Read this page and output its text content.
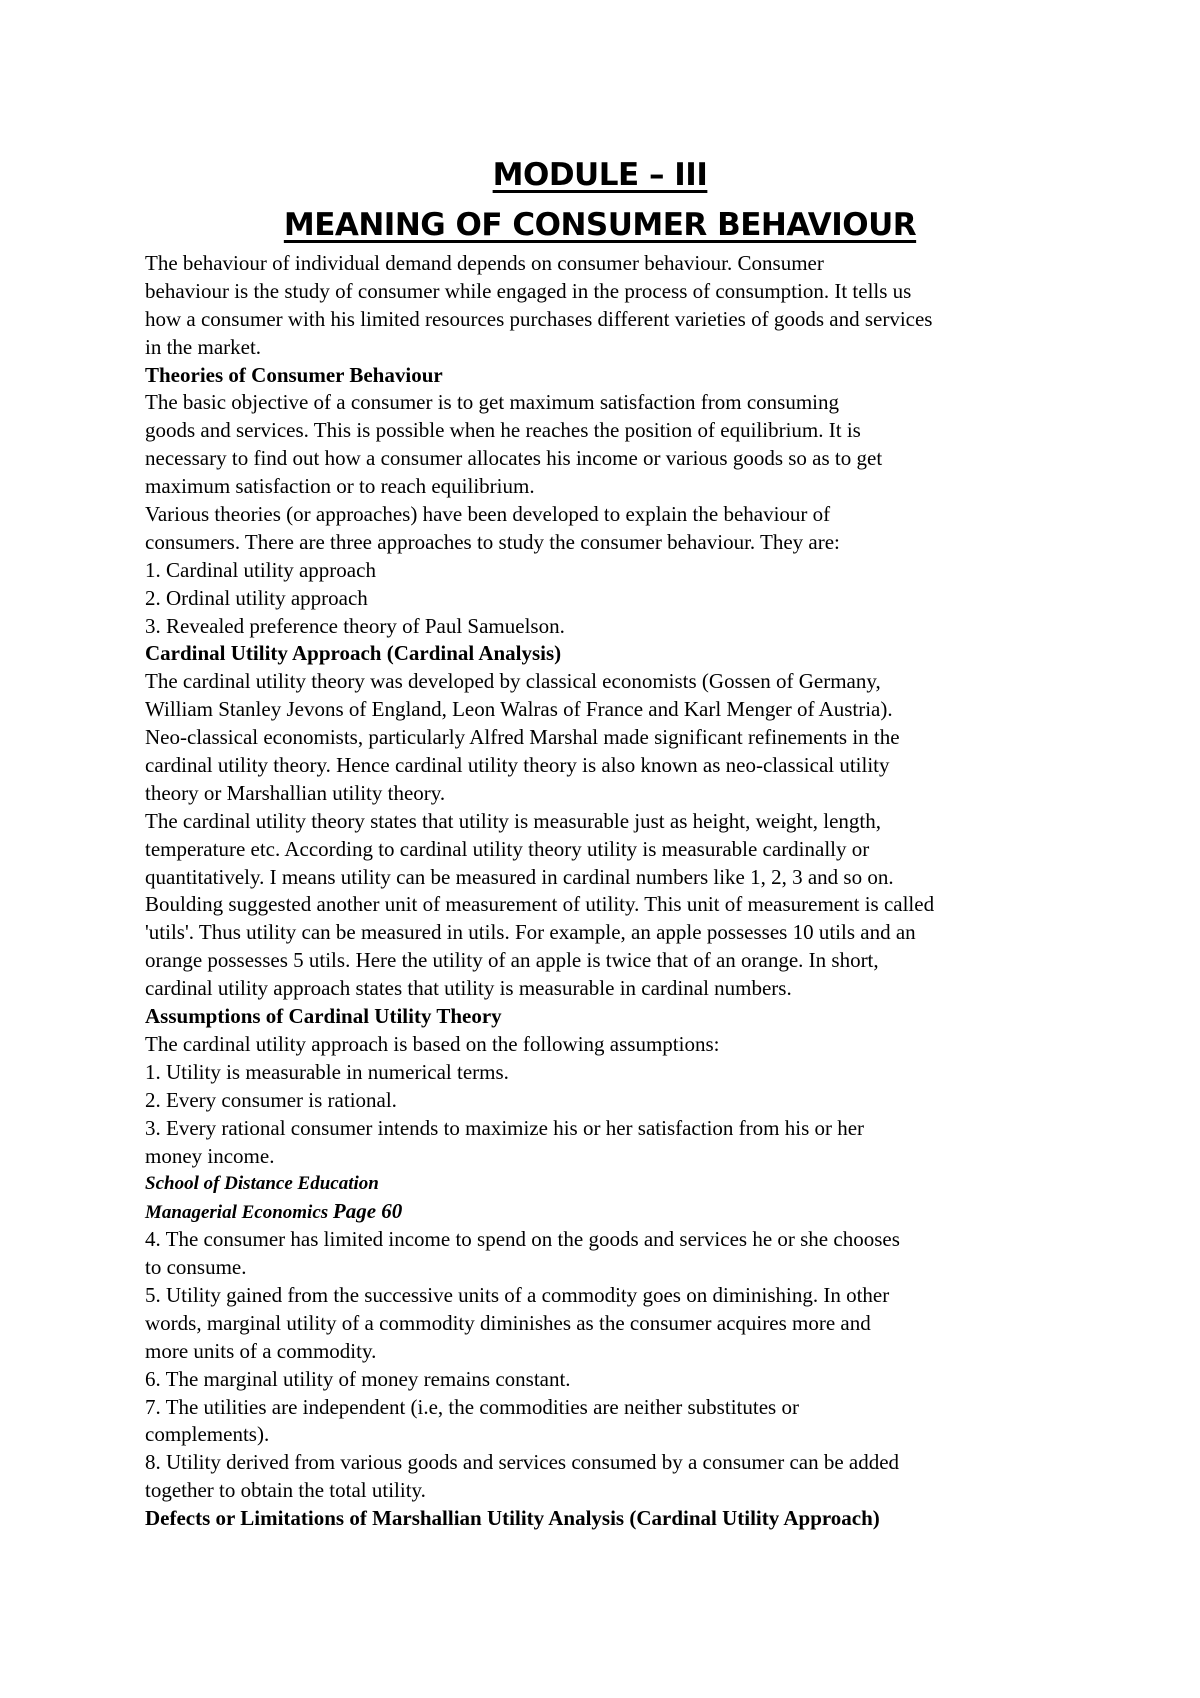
MODULE – III
MEANING OF CONSUMER BEHAVIOUR
The behaviour of individual demand depends on consumer behaviour. Consumer
behaviour is the study of consumer while engaged in the process of consumption. It tells us
how a consumer with his limited resources purchases different varieties of goods and services
in the market.
Theories of Consumer Behaviour
The basic objective of a consumer is to get maximum satisfaction from consuming
goods and services. This is possible when he reaches the position of equilibrium. It is
necessary to find out how a consumer allocates his income or various goods so as to get
maximum satisfaction or to reach equilibrium.
Various theories (or approaches) have been developed to explain the behaviour of
consumers. There are three approaches to study the consumer behaviour. They are:
1. Cardinal utility approach
2. Ordinal utility approach
3. Revealed preference theory of Paul Samuelson.
Cardinal Utility Approach (Cardinal Analysis)
The cardinal utility theory was developed by classical economists (Gossen of Germany,
William Stanley Jevons of England, Leon Walras of France and Karl Menger of Austria).
Neo-classical economists, particularly Alfred Marshal made significant refinements in the
cardinal utility theory. Hence cardinal utility theory is also known as neo-classical utility
theory or Marshallian utility theory.
The cardinal utility theory states that utility is measurable just as height, weight, length,
temperature etc. According to cardinal utility theory utility is measurable cardinally or
quantitatively. I means utility can be measured in cardinal numbers like 1, 2, 3 and so on.
Boulding suggested another unit of measurement of utility. This unit of measurement is called
'utils'. Thus utility can be measured in utils. For example, an apple possesses 10 utils and an
orange possesses 5 utils. Here the utility of an apple is twice that of an orange. In short,
cardinal utility approach states that utility is measurable in cardinal numbers.
Assumptions of Cardinal Utility Theory
The cardinal utility approach is based on the following assumptions:
1. Utility is measurable in numerical terms.
2. Every consumer is rational.
3. Every rational consumer intends to maximize his or her satisfaction from his or her
money income.
School of Distance Education
Managerial Economics Page 60
4. The consumer has limited income to spend on the goods and services he or she chooses
to consume.
5. Utility gained from the successive units of a commodity goes on diminishing. In other
words, marginal utility of a commodity diminishes as the consumer acquires more and
more units of a commodity.
6. The marginal utility of money remains constant.
7. The utilities are independent (i.e, the commodities are neither substitutes or
complements).
8. Utility derived from various goods and services consumed by a consumer can be added
together to obtain the total utility.
Defects or Limitations of Marshallian Utility Analysis (Cardinal Utility Approach)
